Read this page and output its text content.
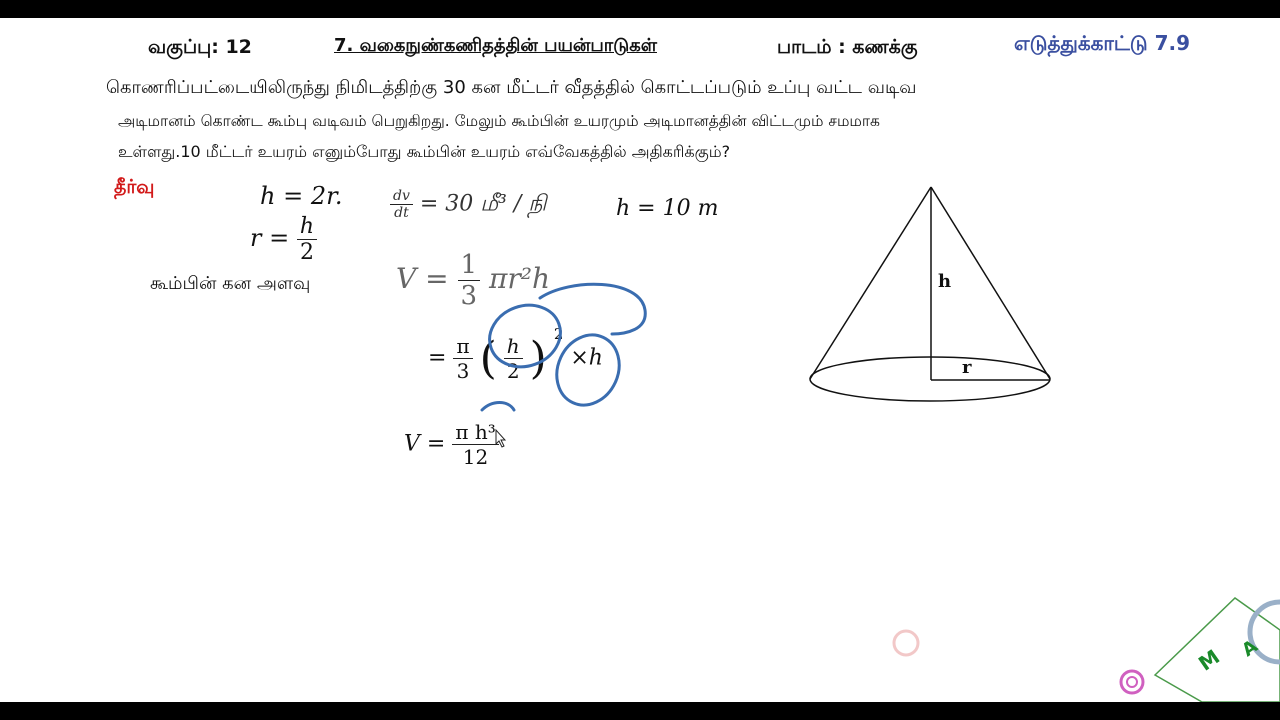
வகுப்பு: 12	7. வகைநுண்கணிதத்தின் பயன்பாடுகள்	பாடம் : கணக்கு	எடுத்துக்காட்டு 7.9
கொணரிப்பட்டையிலிருந்து நிமிடத்திற்கு 30 கன மீட்டர் வீதத்தில் கொட்டப்படும் உப்பு வட்ட வடிவ
அடிமானம் கொண்ட கூம்பு வடிவம் பெறுகிறது. மேலும் கூம்பின் உயரமும் அடிமானத்தின் விட்டமும் சமமாக
உள்ளது.10 மீட்டர் உயரம் எனும்போது கூம்பின் உயரம் எவ்வேகத்தில் அதிகரிக்கும்?
தீர்வு	h = 2r.
$r = \frac{h}{2}$
$\frac{dv}{dt} = 30$ மீ³ / நி	h = 10 m
கூம்பின் கன அளவு	$V = \frac{1}{3} \pi r^2h$
= $\frac{\pi}{3}$ ( $\frac{h}{2}$ ) $^2$ ×h
$V = \frac{\text{π h³}}{12}$
h
r
M A
